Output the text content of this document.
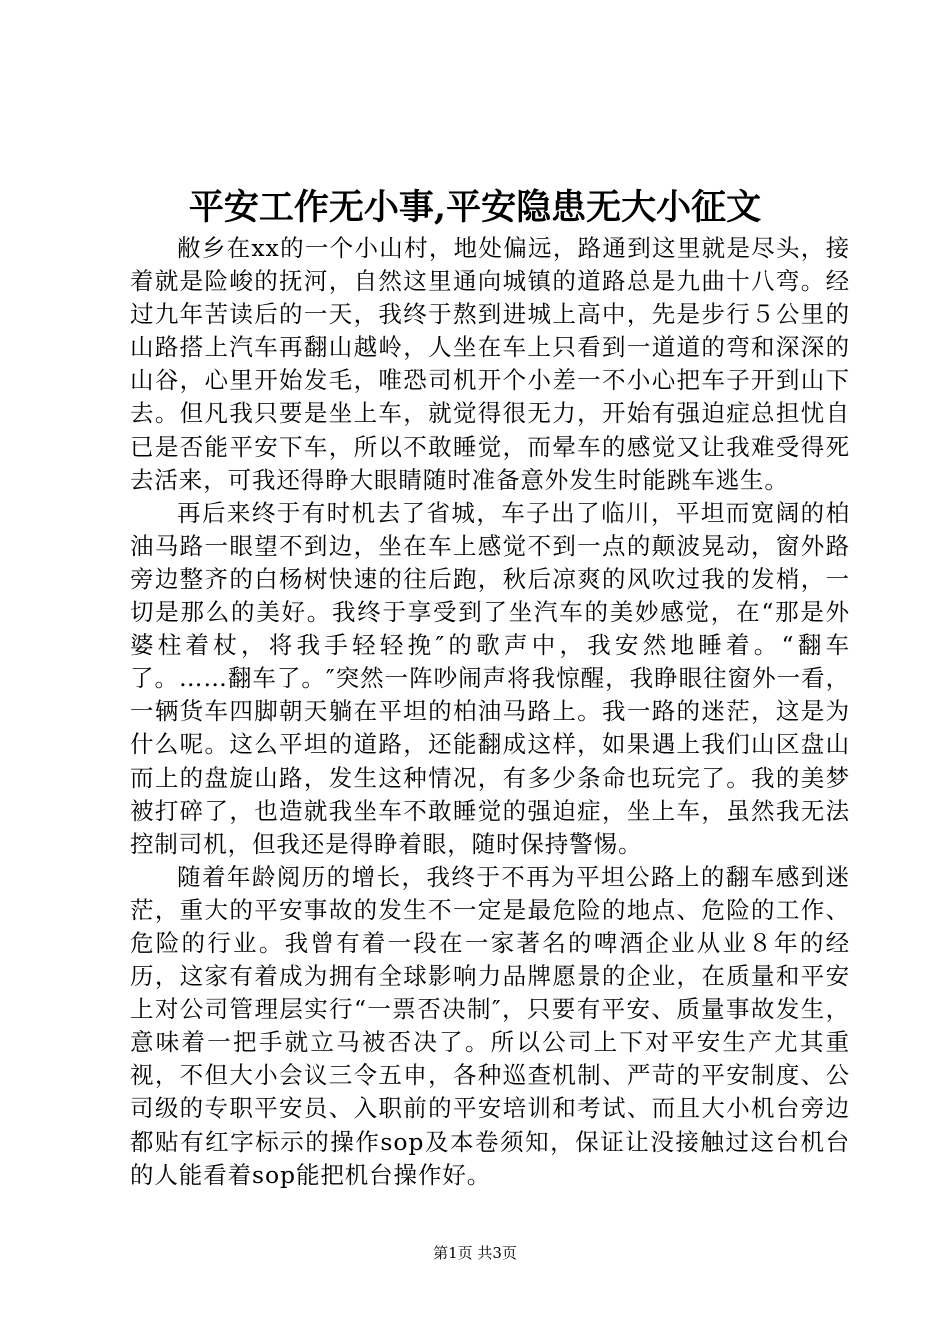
平安工作无小事,平安隐患无大小征文

敝乡在xx的一个小山村，地处偏远，路通到这里就是尽头，接着就是险峻的抚河，自然这里通向城镇的道路总是九曲十八弯。经过九年苦读后的一天，我终于熬到进城上高中，先是步行５公里的山路搭上汽车再翻山越岭，人坐在车上只看到一道道的弯和深深的山谷，心里开始发毛，唯恐司机开个小差一不小心把车子开到山下去。但凡我只要是坐上车，就觉得很无力，开始有强迫症总担忧自已是否能平安下车，所以不敢睡觉，而晕车的感觉又让我难受得死去活来，可我还得睁大眼睛随时准备意外发生时能跳车逃生。

再后来终于有时机去了省城，车子出了临川，平坦而宽阔的柏油马路一眼望不到边，坐在车上感觉不到一点的颠波晃动，窗外路旁边整齐的白杨树快速的往后跑，秋后凉爽的风吹过我的发梢，一切是那么的美好。我终于享受到了坐汽车的美妙感觉，在“那是外婆柱着杖，将我手轻轻挽″的歌声中，我安然地睡着。“翻车了。……翻车了。″突然一阵吵闹声将我惊醒，我睁眼往窗外一看，一辆货车四脚朝天躺在平坦的柏油马路上。我一路的迷茫，这是为什么呢。这么平坦的道路，还能翻成这样，如果遇上我们山区盘山而上的盘旋山路，发生这种情况，有多少条命也玩完了。我的美梦被打碎了，也造就我坐车不敢睡觉的强迫症，坐上车，虽然我无法控制司机，但我还是得睁着眼，随时保持警惕。

随着年龄阅历的增长，我终于不再为平坦公路上的翻车感到迷茫，重大的平安事故的发生不一定是最危险的地点、危险的工作、危险的行业。我曾有着一段在一家著名的啤酒企业从业８年的经历，这家有着成为拥有全球影响力品牌愿景的企业，在质量和平安上对公司管理层实行“一票否决制″，只要有平安、质量事故发生，意味着一把手就立马被否决了。所以公司上下对平安生产尤其重视，不但大小会议三令五申，各种巡查机制、严苛的平安制度、公司级的专职平安员、入职前的平安培训和考试、而且大小机台旁边都贴有红字标示的操作sop及本卷须知，保证让没接触过这台机台的人能看着sop能把机台操作好。

第1页 共3页
